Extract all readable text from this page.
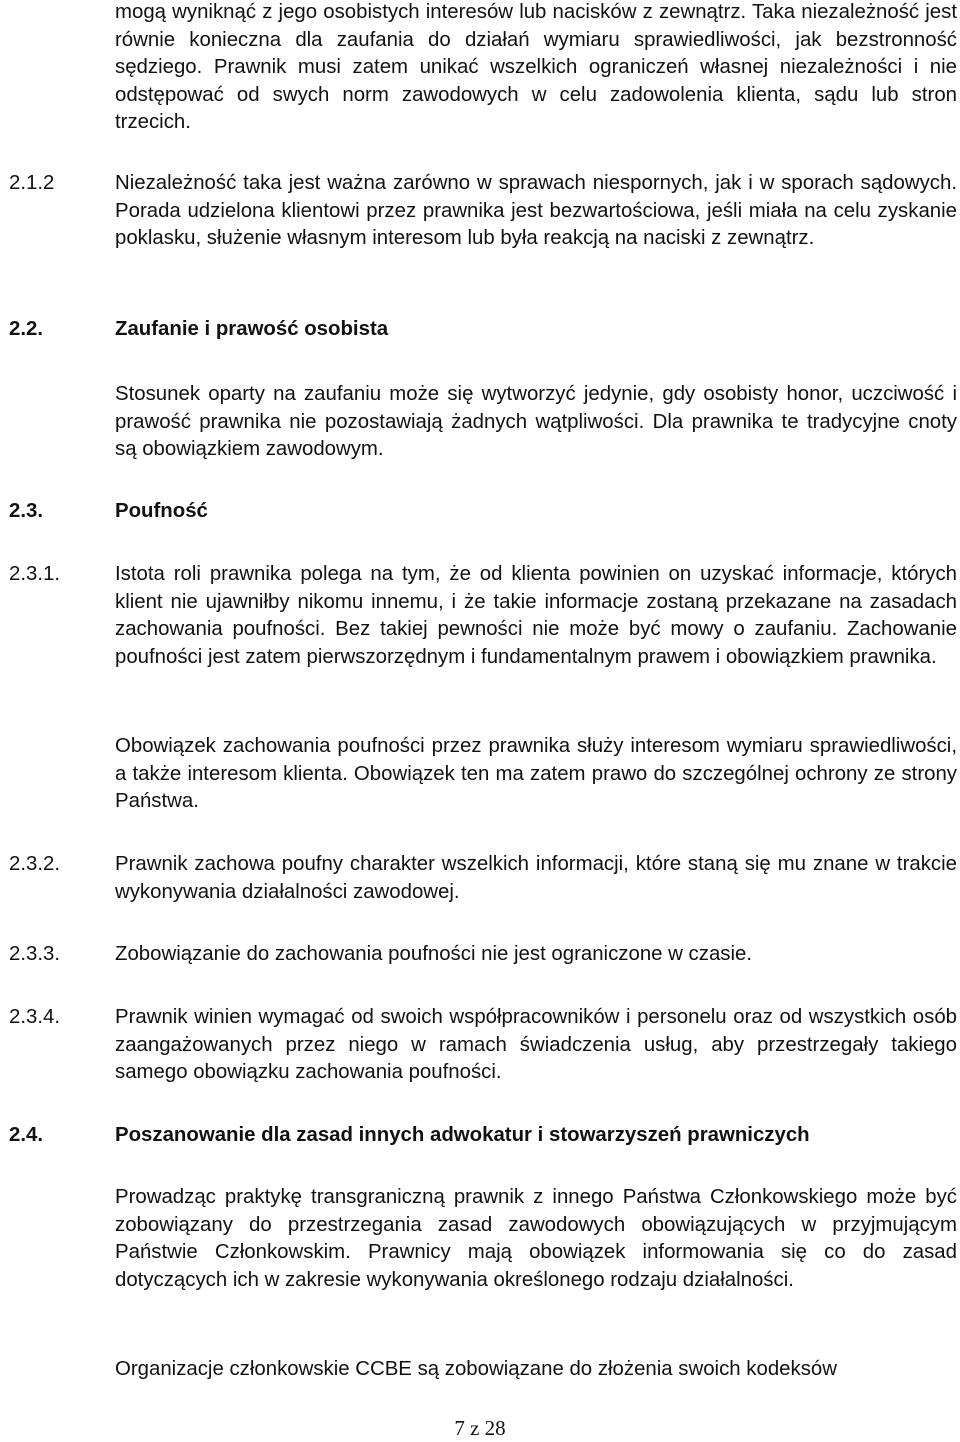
mogą wyniknąć z jego osobistych interesów lub nacisków z zewnątrz. Taka niezależność jest równie konieczna dla zaufania do działań wymiaru sprawiedliwości, jak bezstronność sędziego. Prawnik musi zatem unikać wszelkich ograniczeń własnej niezależności i nie odstępować od swych norm zawodowych w celu zadowolenia klienta, sądu lub stron trzecich.
2.1.2	Niezależność taka jest ważna zarówno w sprawach niespornych, jak i w sporach sądowych. Porada udzielona klientowi przez prawnika jest bezwartościowa, jeśli miała na celu zyskanie poklasku, służenie własnym interesom lub była reakcją na naciski z zewnątrz.
2.2.	Zaufanie i prawość osobista
Stosunek oparty na zaufaniu może się wytworzyć jedynie, gdy osobisty honor, uczciwość i prawość prawnika nie pozostawiają żadnych wątpliwości. Dla prawnika te tradycyjne cnoty są obowiązkiem zawodowym.
2.3.	Poufność
2.3.1.	Istota roli prawnika polega na tym, że od klienta powinien on uzyskać informacje, których klient nie ujawniłby nikomu innemu, i że takie informacje zostaną przekazane na zasadach zachowania poufności. Bez takiej pewności nie może być mowy o zaufaniu. Zachowanie poufności jest zatem pierwszorzędnym i fundamentalnym prawem i obowiązkiem prawnika.
Obowiązek zachowania poufności przez prawnika służy interesom wymiaru sprawiedliwości, a także interesom klienta. Obowiązek ten ma zatem prawo do szczególnej ochrony ze strony Państwa.
2.3.2.	Prawnik zachowa poufny charakter wszelkich informacji, które staną się mu znane w trakcie wykonywania działalności zawodowej.
2.3.3.	Zobowiązanie do zachowania poufności nie jest ograniczone w czasie.
2.3.4.	Prawnik winien wymagać od swoich współpracowników i personelu oraz od wszystkich osób zaangażowanych przez niego w ramach świadczenia usług, aby przestrzegały takiego samego obowiązku zachowania poufności.
2.4.	Poszanowanie dla zasad innych adwokatur i stowarzyszeń prawniczych
Prowadząc praktykę transgraniczną prawnik z innego Państwa Członkowskiego może być zobowiązany do przestrzegania zasad zawodowych obowiązujących w przyjmującym Państwie Członkowskim. Prawnicy mają obowiązek informowania się co do zasad dotyczących ich w zakresie wykonywania określonego rodzaju działalności.
Organizacje członkowskie CCBE są zobowiązane do złożenia swoich kodeksów
7 z 28
